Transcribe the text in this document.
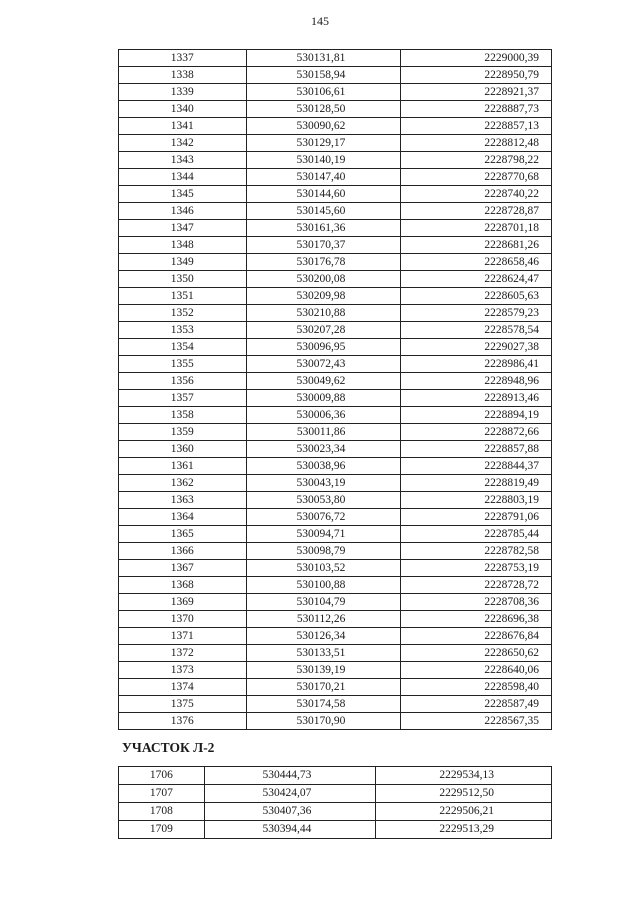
145
1337	530131,81	2229000,39
1338	530158,94	2228950,79
1339	530106,61	2228921,37
1340	530128,50	2228887,73
1341	530090,62	2228857,13
1342	530129,17	2228812,48
1343	530140,19	2228798,22
1344	530147,40	2228770,68
1345	530144,60	2228740,22
1346	530145,60	2228728,87
1347	530161,36	2228701,18
1348	530170,37	2228681,26
1349	530176,78	2228658,46
1350	530200,08	2228624,47
1351	530209,98	2228605,63
1352	530210,88	2228579,23
1353	530207,28	2228578,54
1354	530096,95	2229027,38
1355	530072,43	2228986,41
1356	530049,62	2228948,96
1357	530009,88	2228913,46
1358	530006,36	2228894,19
1359	530011,86	2228872,66
1360	530023,34	2228857,88
1361	530038,96	2228844,37
1362	530043,19	2228819,49
1363	530053,80	2228803,19
1364	530076,72	2228791,06
1365	530094,71	2228785,44
1366	530098,79	2228782,58
1367	530103,52	2228753,19
1368	530100,88	2228728,72
1369	530104,79	2228708,36
1370	530112,26	2228696,38
1371	530126,34	2228676,84
1372	530133,51	2228650,62
1373	530139,19	2228640,06
1374	530170,21	2228598,40
1375	530174,58	2228587,49
1376	530170,90	2228567,35
УЧАСТОК Л-2
1706	530444,73	2229534,13
1707	530424,07	2229512,50
1708	530407,36	2229506,21
1709	530394,44	2229513,29
